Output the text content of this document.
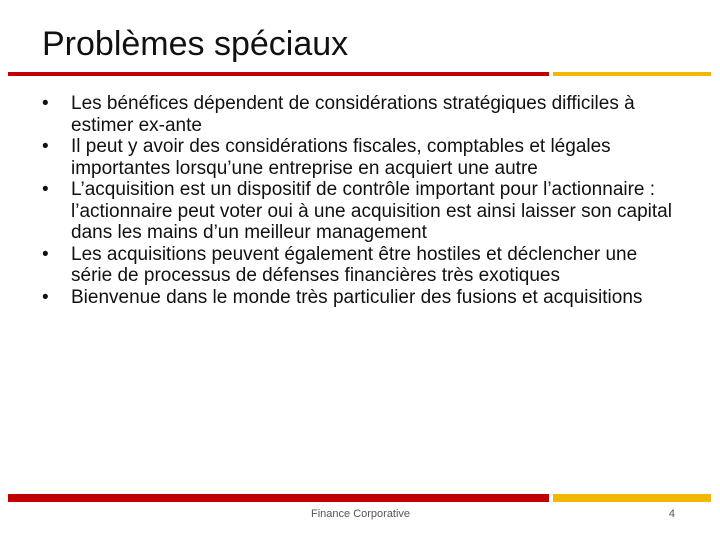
Problèmes spéciaux
•	Les bénéfices dépendent de considérations stratégiques difficiles à estimer ex-ante
•	Il peut y avoir des considérations fiscales, comptables et légales importantes lorsqu’une entreprise en acquiert une autre
•	L’acquisition est un dispositif de contrôle important pour l’actionnaire : l’actionnaire peut voter oui à une acquisition est ainsi laisser son capital dans les mains d’un meilleur management
•	Les acquisitions peuvent également être hostiles et déclencher une série de processus de défenses financières très exotiques
•	Bienvenue dans le monde très particulier des fusions et acquisitions
Finance Corporative	4
